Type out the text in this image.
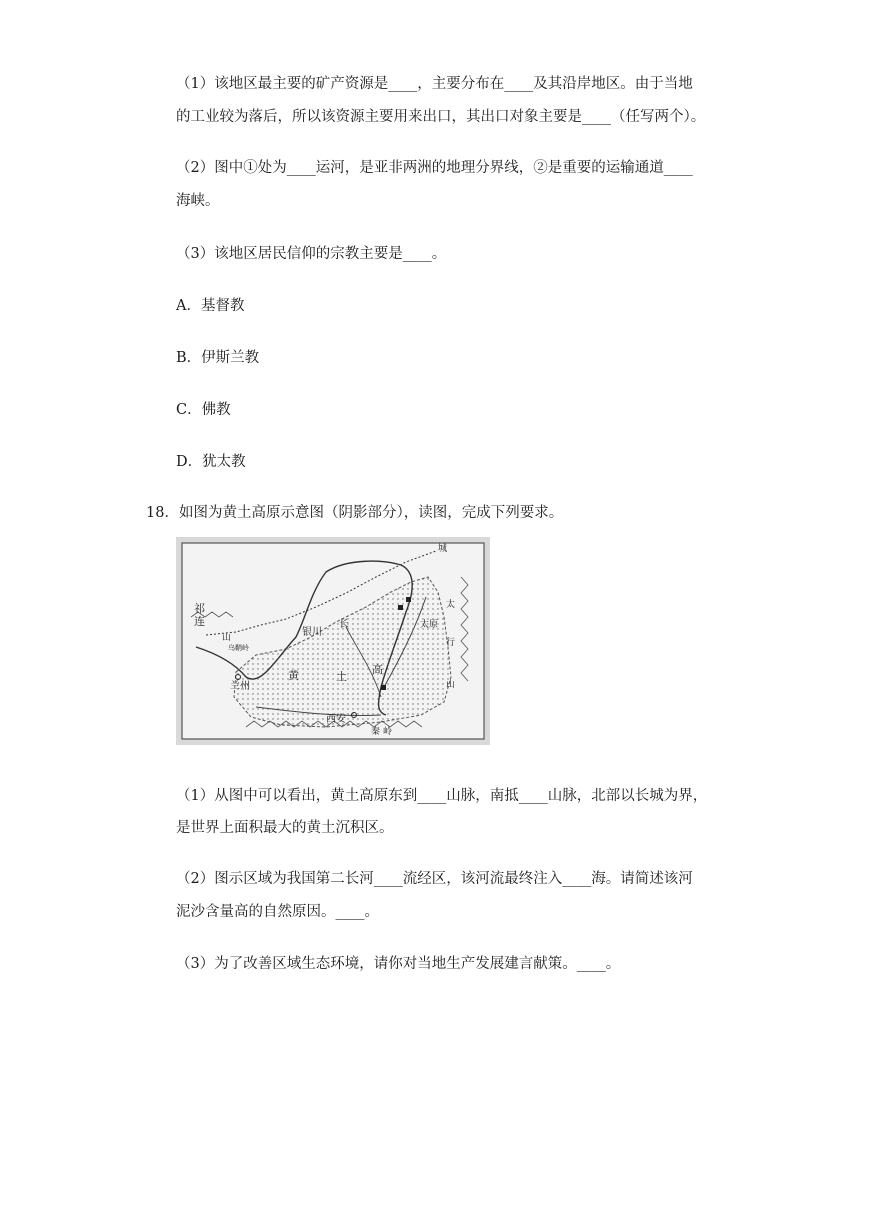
（1）该地区最主要的矿产资源是____，主要分布在____及其沿岸地区。由于当地
的工业较为落后，所以该资源主要用来出口，其出口对象主要是____（任写两个）。
（2）图中①处为____运河，是亚非两洲的地理分界线，②是重要的运输通道____
海峡。
（3）该地区居民信仰的宗教主要是____。
A．基督教
B．伊斯兰教
C．佛教
D．犹太教
18．如图为黄土高原示意图（阴影部分），读图，完成下列要求。
祁
连
山
乌鞘岭
兰州
银川
长
黄	土
高
西安
秦 岭
太原
太
行
山
城
（1）从图中可以看出，黄土高原东到____山脉，南抵____山脉，北部以长城为界，
是世界上面积最大的黄土沉积区。
（2）图示区域为我国第二长河____流经区，该河流最终注入____海。请简述该河
泥沙含量高的自然原因。____。
（3）为了改善区域生态环境，请你对当地生产发展建言献策。____。
